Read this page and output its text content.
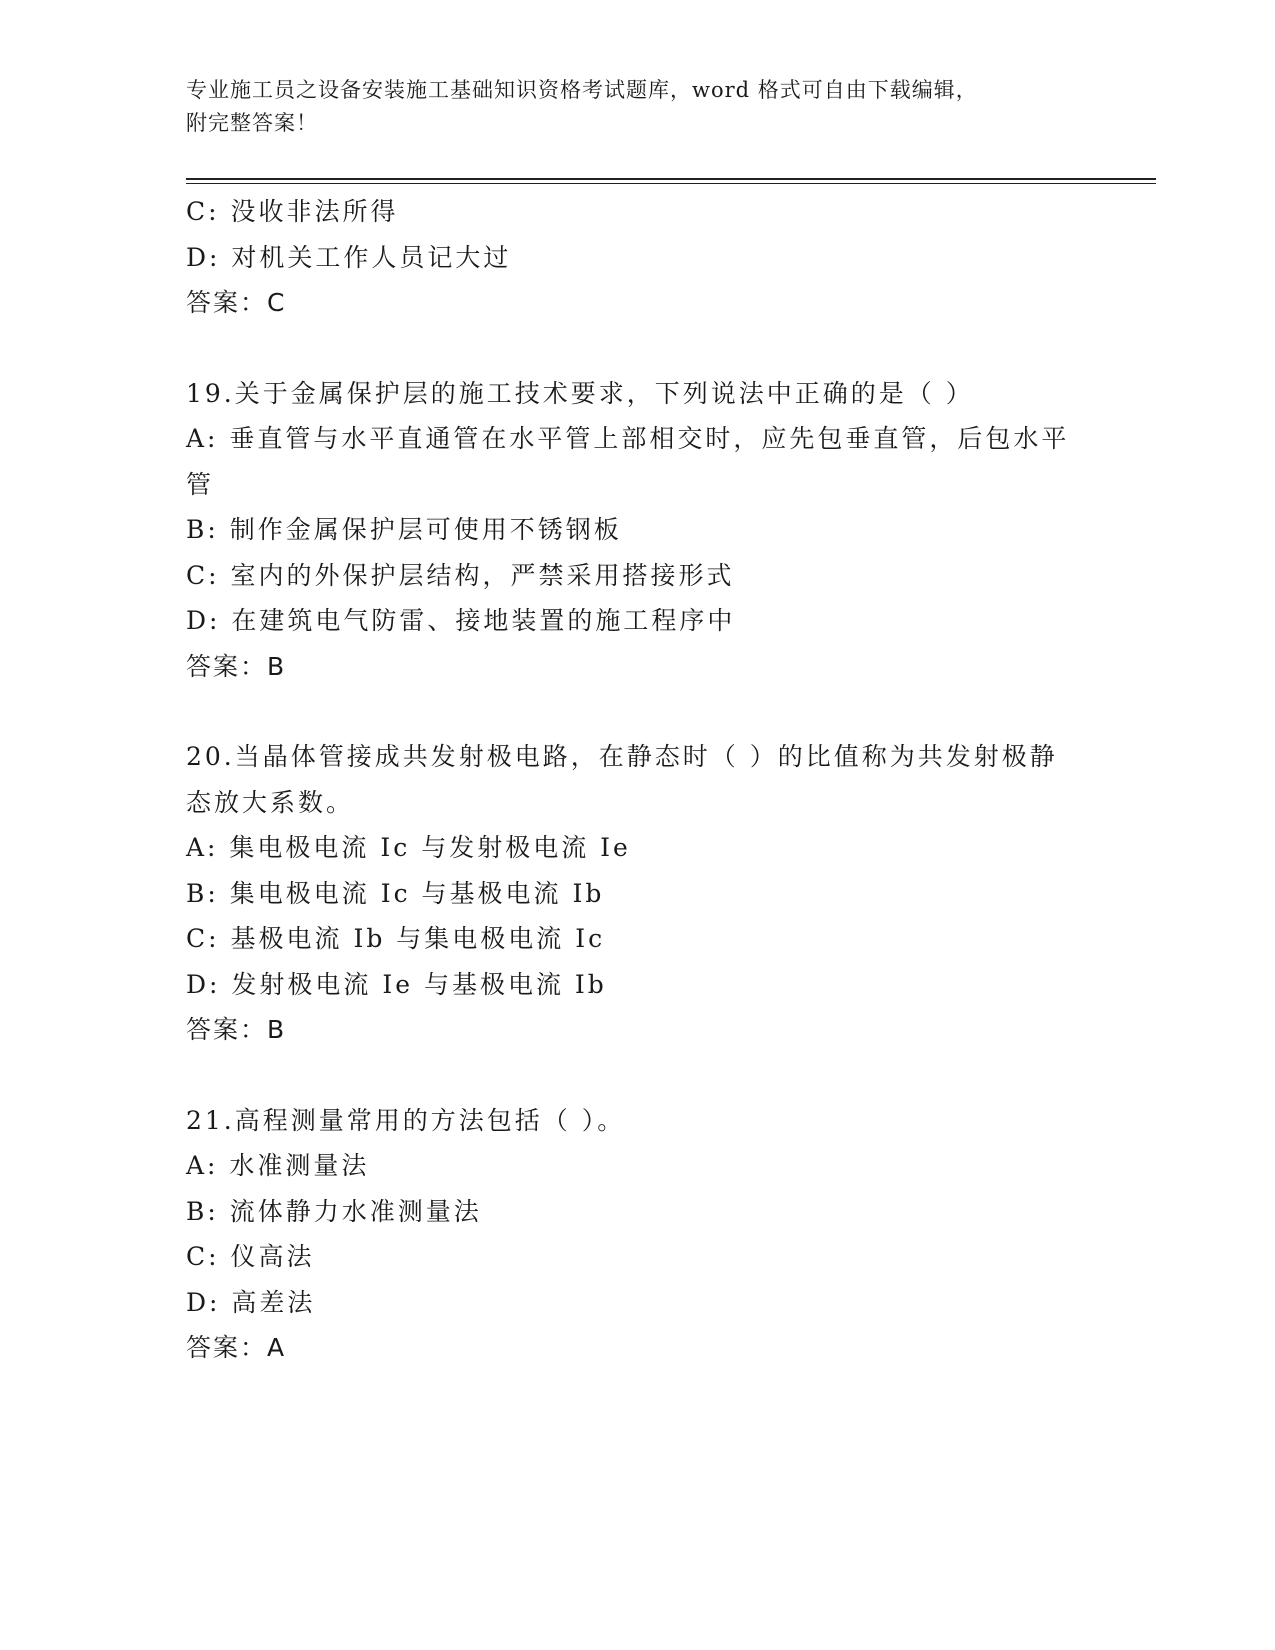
专业施工员之设备安装施工基础知识资格考试题库，word 格式可自由下载编辑，
附完整答案！
C: 没收非法所得
D: 对机关工作人员记大过
答案：C
19.关于金属保护层的施工技术要求，下列说法中正确的是（ ）
A: 垂直管与水平直通管在水平管上部相交时，应先包垂直管，后包水平管
B: 制作金属保护层可使用不锈钢板
C: 室内的外保护层结构，严禁采用搭接形式
D: 在建筑电气防雷、接地装置的施工程序中
答案：B
20.当晶体管接成共发射极电路，在静态时（ ）的比值称为共发射极静态放大系数。
A: 集电极电流 Ic 与发射极电流 Ie
B: 集电极电流 Ic 与基极电流 Ib
C: 基极电流 Ib 与集电极电流 Ic
D: 发射极电流 Ie 与基极电流 Ib
答案：B
21.高程测量常用的方法包括（ ）。
A: 水准测量法
B: 流体静力水准测量法
C: 仪高法
D: 高差法
答案：A
